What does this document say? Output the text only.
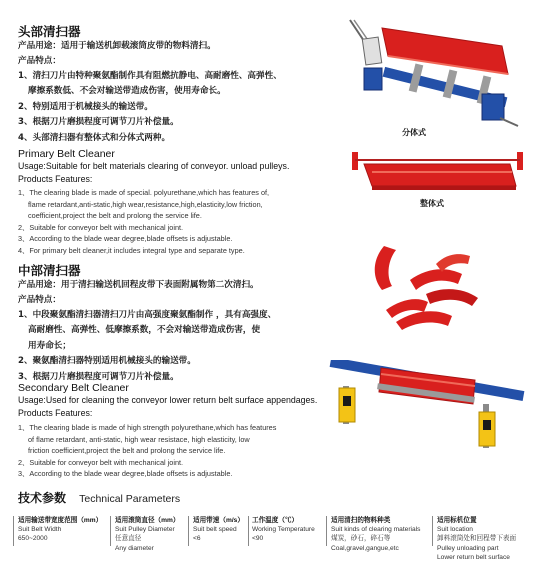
头部清扫器
产品用途：适用于输送机卸载滚筒皮带的物料清扫。
产品特点：
1、清扫刀片由特种聚氨酯制作具有阻燃抗静电、高耐磨性、高弹性、
摩擦系数低、不会对输送带造成伤害，使用寿命长。
2、特别适用于机械接头的输送带。
3、根据刀片磨损程度可调节刀片补偿量。
4、头部清扫器有整体式和分体式两种。
Primary Belt Cleaner
Usage:Suitable for belt materials clearing of conveyor. unload pulleys.
Products Features:
1、The clearing blade is made of special. polyurethane,which has features of,
flame retardant,anti-static,high wear,resistance,high,elasticity,low friction,
coefficient,project the belt and prolong the service life.
2、Suitable for conveyor belt with mechanical joint.
3、According to the blade wear degree,blade offsets is adjustable.
4、For primary belt cleaner,it includes integral type and separate type.
分体式
整体式
中部清扫器
产品用途：用于清扫输送机回程皮带下表面附属物第二次清扫。
产品特点：
1、中段聚氨酯清扫器清扫刀片由高强度聚氨酯制作 ，具有高强度、
高耐磨性、高弹性、低摩擦系数，不会对输送带造成伤害，使
用寿命长；
2、聚氨酯清扫器特别适用机械接头的输送带。
3、根据刀片磨损程度可调节刀片补偿量。
Secondary Belt Cleaner
Usage:Used for cleaning the conveyor lower return belt surface appendages.
Products Features:
1、The clearing blade is made of high strength polyurethane,which has features
of flame retardant, anti-static, high wear resistace, high elasticity, low
friction coefficient,project the belt and prolong the service life.
2、Suitable for conveyor belt with mechanical joint.
3、According to the blade wear degree,blade offsets is adjustable.
技术参数 Technical Parameters
适用输送带宽度范围（mm）
Suit Belt Width
650~2000
适用滚筒直径（mm）
Suit Pulley Diameter
任意直径
Any diameter
适用带速（m/s）
Suit belt speed
<6
工作温度（℃）
Working Temperature
<90
适用清扫的物料种类
Suit kinds of clearing materials
煤炭，砂石，碎石等
Coal,gravel,gangue,etc
适用标机位置
Suit location
卸料滚筒处和回程带下表面
Pulley unloading part
Lower return belt surface
